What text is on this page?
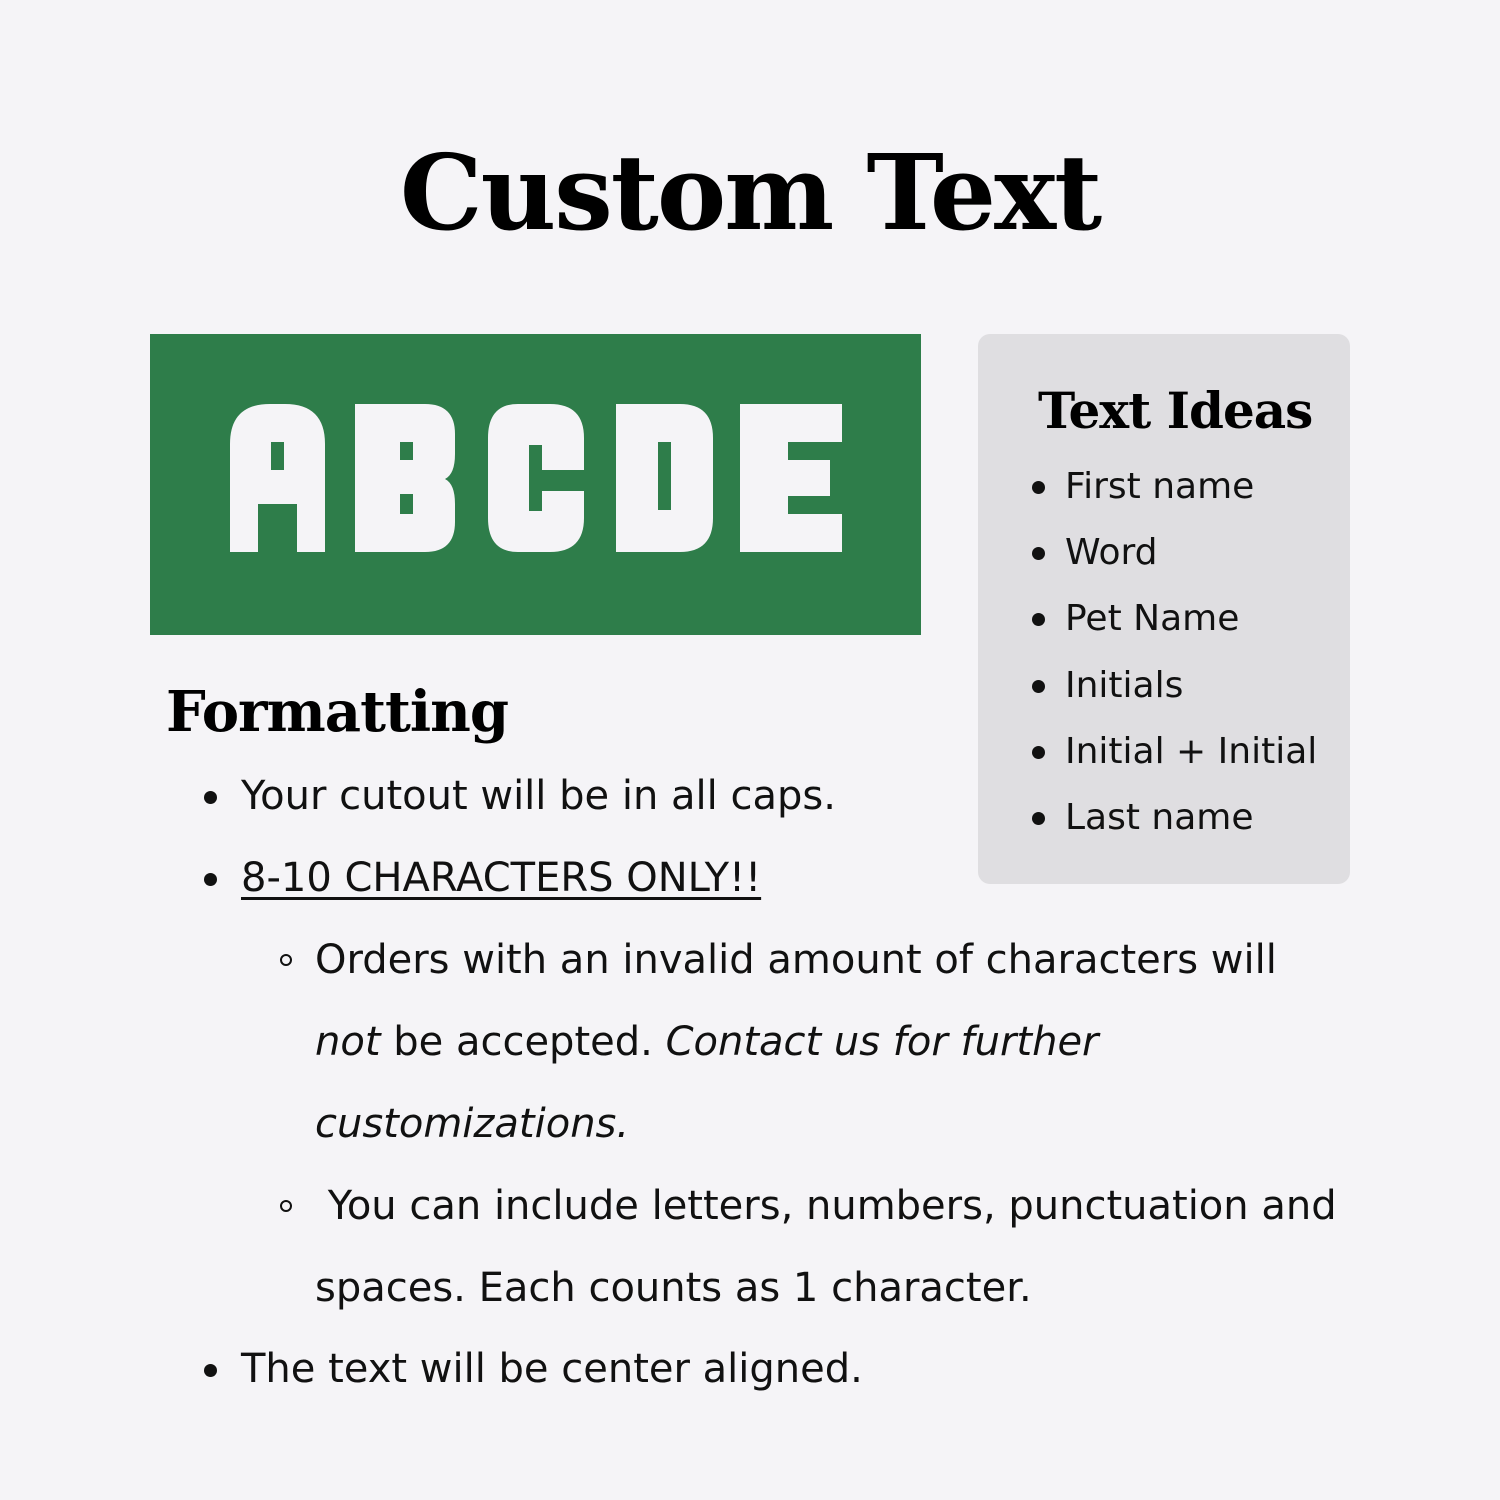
Custom Text
Text Ideas
First name
Word
Pet Name
Initials
Initial + Initial
Last name
Formatting
Your cutout will be in all caps.
8-10 CHARACTERS ONLY!!
Orders with an invalid amount of characters will
not be accepted. Contact us for further
customizations.
You can include letters, numbers, punctuation and
spaces. Each counts as 1 character.
The text will be center aligned.
